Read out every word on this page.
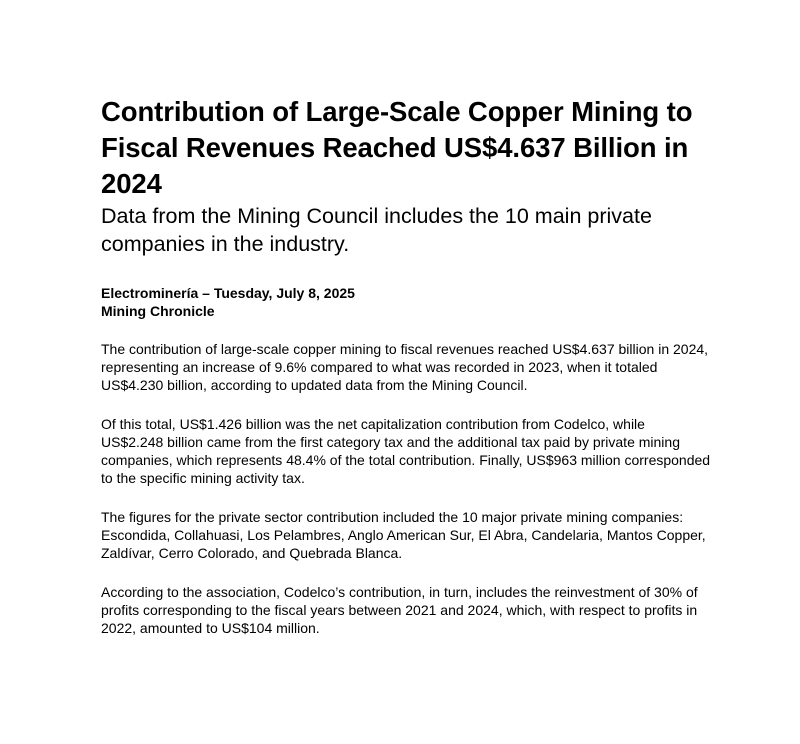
Contribution of Large-Scale Copper Mining to Fiscal Revenues Reached US$4.637 Billion in 2024
Data from the Mining Council includes the 10 main private companies in the industry.
Electrominería – Tuesday, July 8, 2025
Mining Chronicle

The contribution of large-scale copper mining to fiscal revenues reached US$4.637 billion in 2024, representing an increase of 9.6% compared to what was recorded in 2023, when it totaled US$4.230 billion, according to updated data from the Mining Council.

Of this total, US$1.426 billion was the net capitalization contribution from Codelco, while US$2.248 billion came from the first category tax and the additional tax paid by private mining companies, which represents 48.4% of the total contribution. Finally, US$963 million corresponded to the specific mining activity tax.

The figures for the private sector contribution included the 10 major private mining companies: Escondida, Collahuasi, Los Pelambres, Anglo American Sur, El Abra, Candelaria, Mantos Copper, Zaldívar, Cerro Colorado, and Quebrada Blanca.

According to the association, Codelco’s contribution, in turn, includes the reinvestment of 30% of profits corresponding to the fiscal years between 2021 and 2024, which, with respect to profits in 2022, amounted to US$104 million.
